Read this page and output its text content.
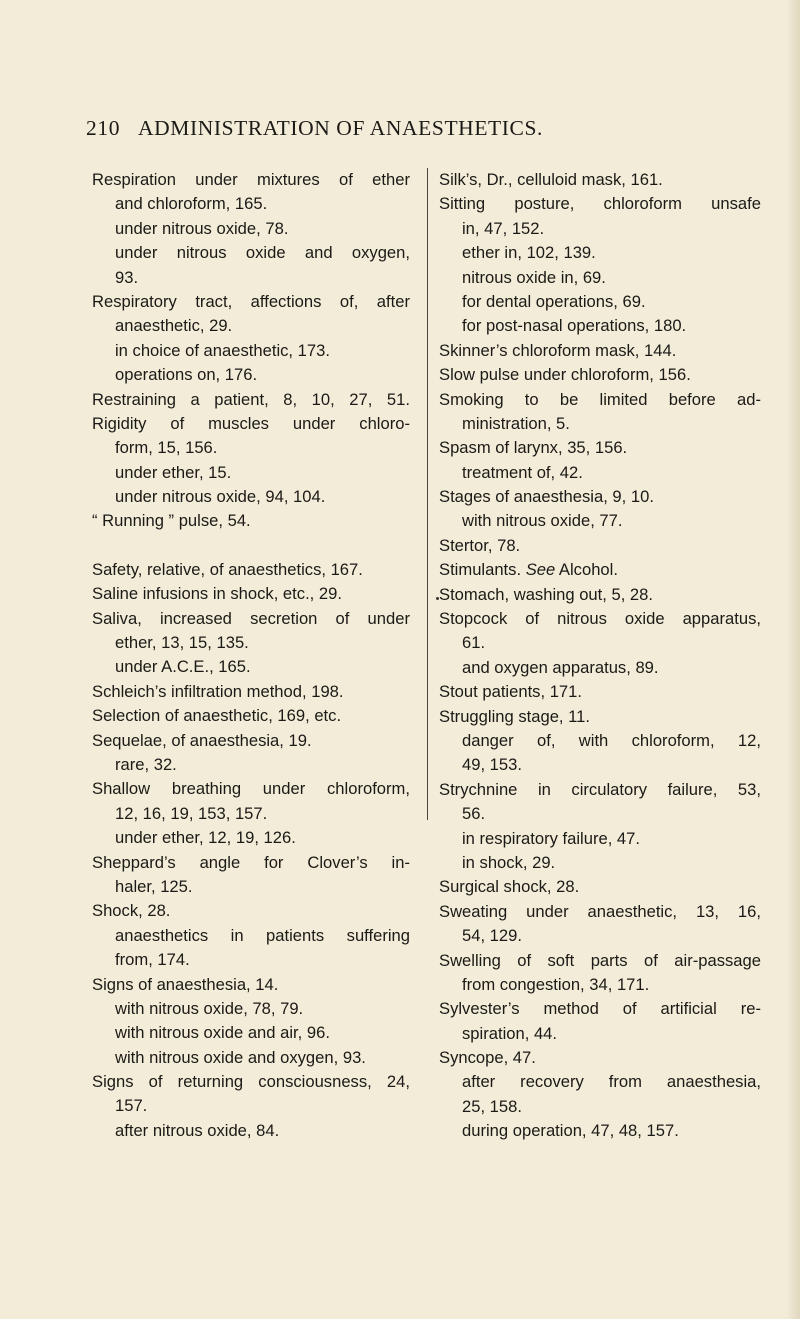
210 ADMINISTRATION OF ANAESTHETICS.
Respiration under mixtures of ether
and chloroform, 165.
under nitrous oxide, 78.
under nitrous oxide and oxygen,
93.
Respiratory tract, affections of, after
anaesthetic, 29.
in choice of anaesthetic, 173.
operations on, 176.
Restraining a patient, 8, 10, 27, 51.
Rigidity of muscles under chloro-
form, 15, 156.
under ether, 15.
under nitrous oxide, 94, 104.
“ Running ” pulse, 54.
Safety, relative, of anaesthetics, 167.
Saline infusions in shock, etc., 29.
Saliva, increased secretion of under
ether, 13, 15, 135.
under A.C.E., 165.
Schleich’s infiltration method, 198.
Selection of anaesthetic, 169, etc.
Sequelae, of anaesthesia, 19.
rare, 32.
Shallow breathing under chloroform,
12, 16, 19, 153, 157.
under ether, 12, 19, 126.
Sheppard’s angle for Clover’s in-
haler, 125.
Shock, 28.
anaesthetics in patients suffering
from, 174.
Signs of anaesthesia, 14.
with nitrous oxide, 78, 79.
with nitrous oxide and air, 96.
with nitrous oxide and oxygen, 93.
Signs of returning consciousness, 24,
157.
after nitrous oxide, 84.
Silk’s, Dr., celluloid mask, 161.
Sitting posture, chloroform unsafe
in, 47, 152.
ether in, 102, 139.
nitrous oxide in, 69.
for dental operations, 69.
for post-nasal operations, 180.
Skinner’s chloroform mask, 144.
Slow pulse under chloroform, 156.
Smoking to be limited before ad-
ministration, 5.
Spasm of larynx, 35, 156.
treatment of, 42.
Stages of anaesthesia, 9, 10.
with nitrous oxide, 77.
Stertor, 78.
Stimulants. See Alcohol.
Stomach, washing out, 5, 28.
Stopcock of nitrous oxide apparatus,
61.
and oxygen apparatus, 89.
Stout patients, 171.
Struggling stage, 11.
danger of, with chloroform, 12,
49, 153.
Strychnine in circulatory failure, 53,
56.
in respiratory failure, 47.
in shock, 29.
Surgical shock, 28.
Sweating under anaesthetic, 13, 16,
54, 129.
Swelling of soft parts of air-passage
from congestion, 34, 171.
Sylvester’s method of artificial re-
spiration, 44.
Syncope, 47.
after recovery from anaesthesia,
25, 158.
during operation, 47, 48, 157.
